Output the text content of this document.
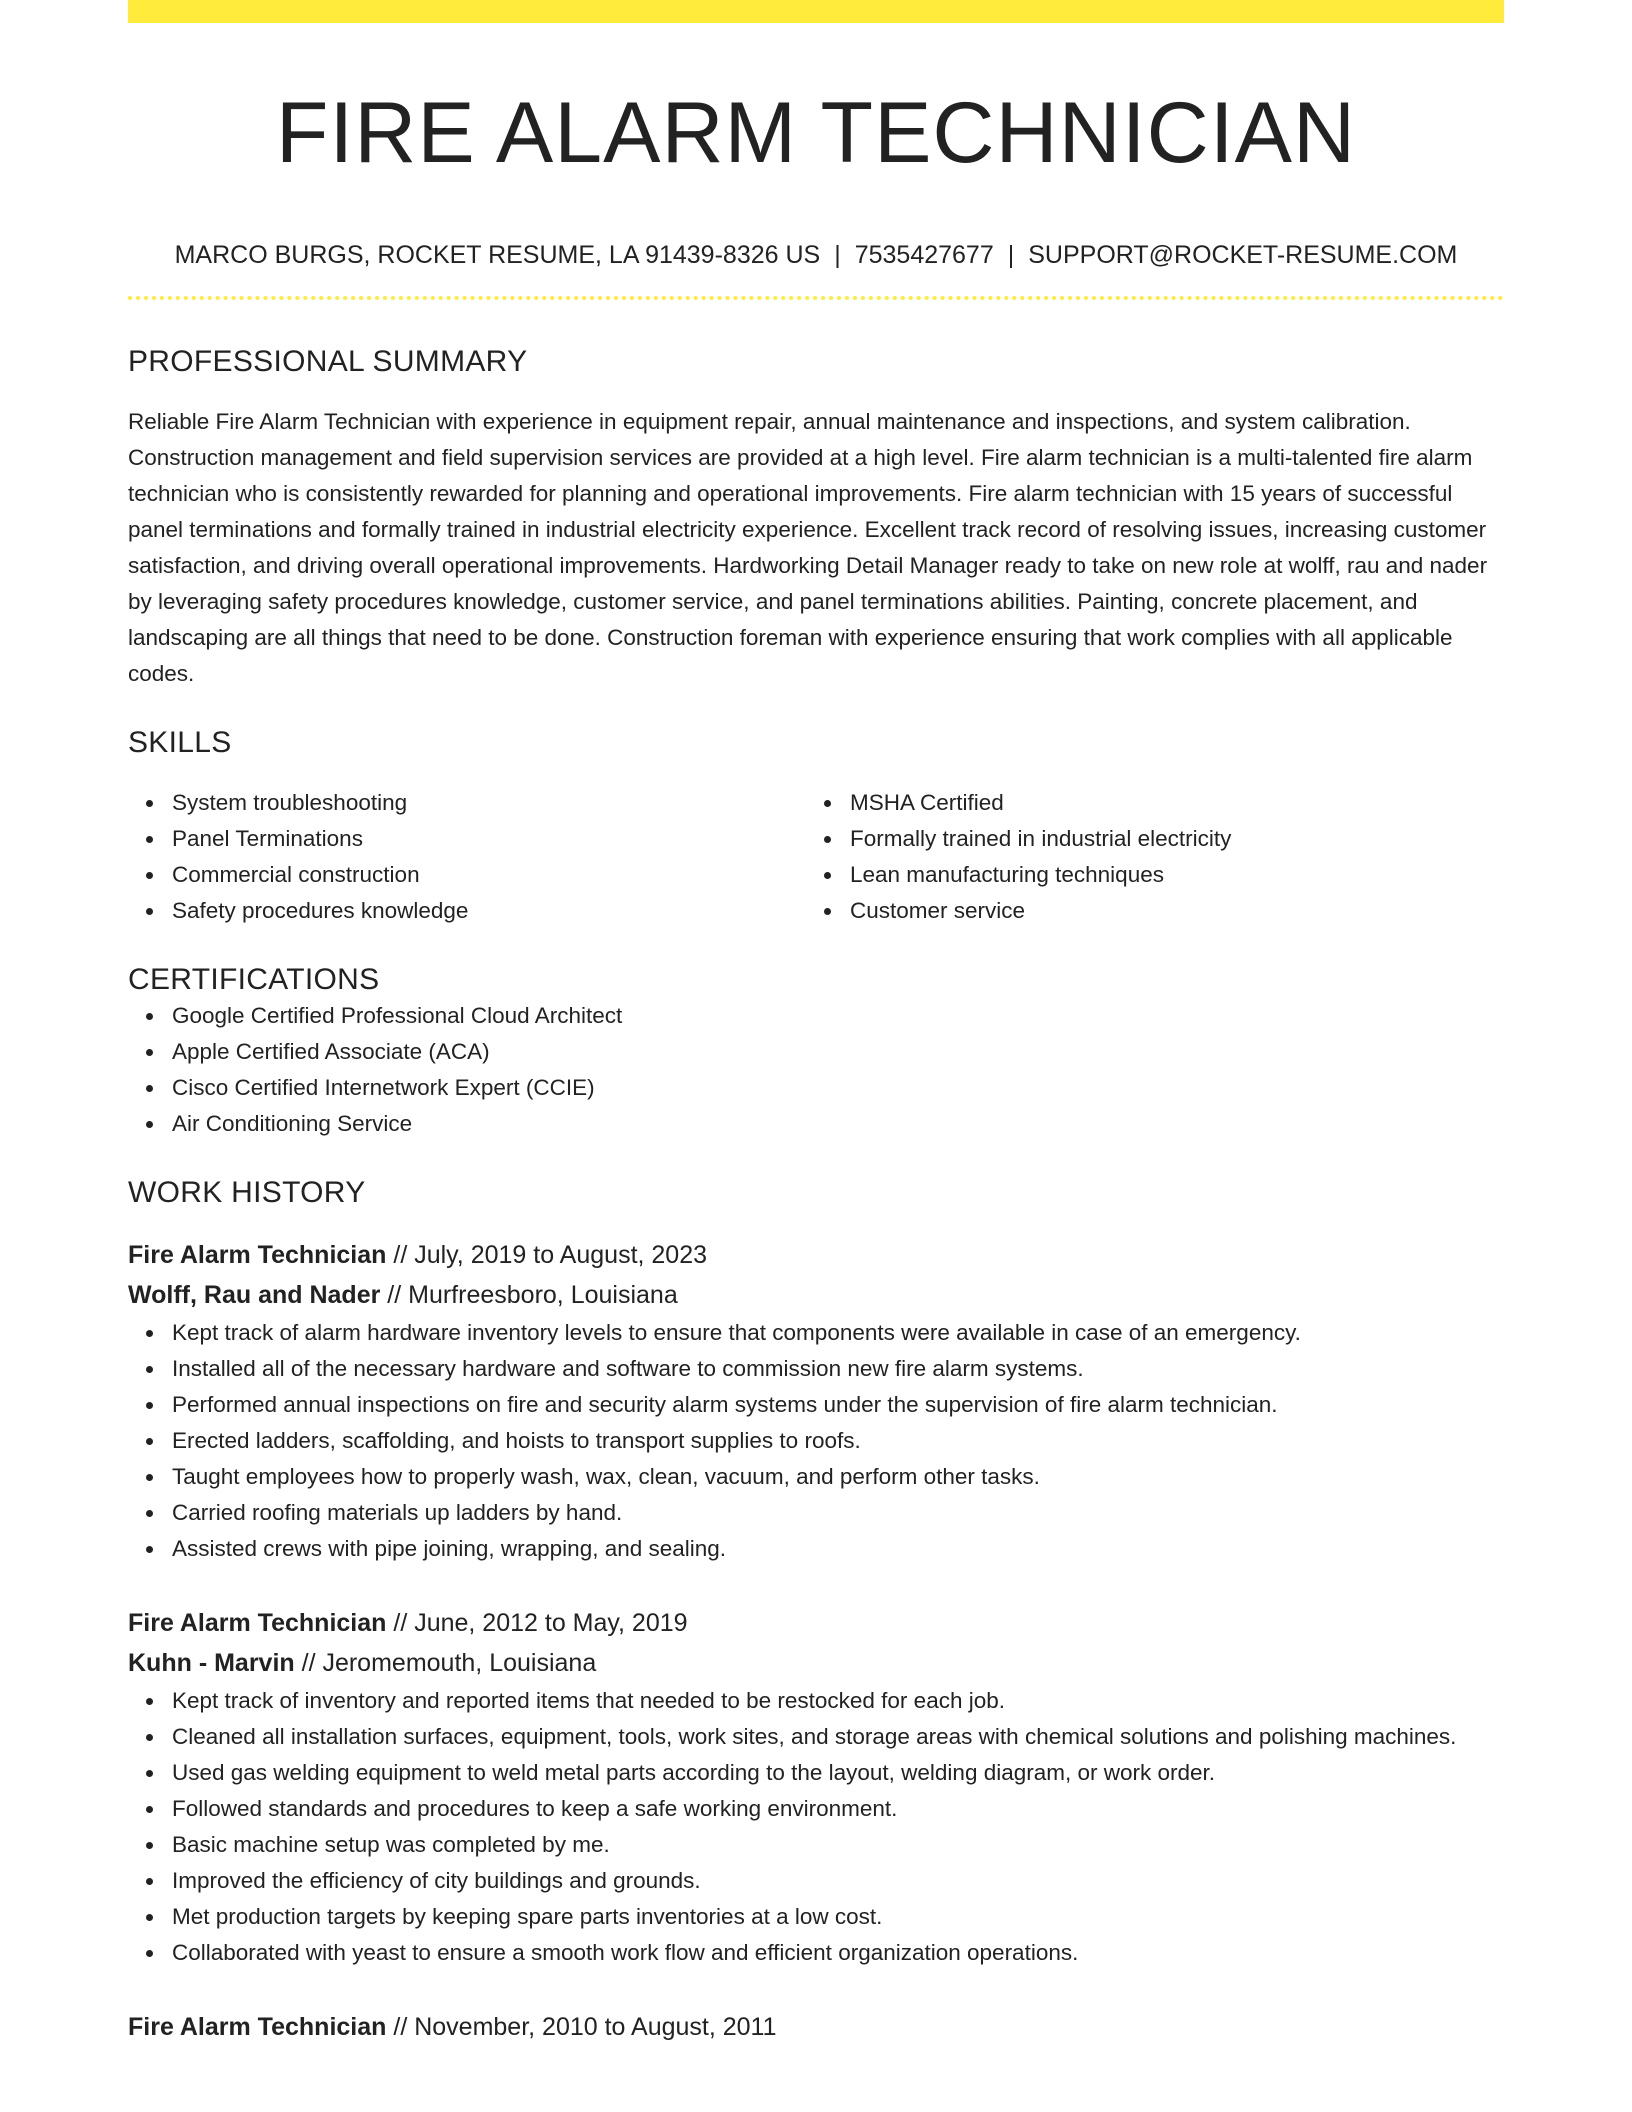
FIRE ALARM TECHNICIAN
MARCO BURGS, ROCKET RESUME, LA 91439-8326 US | 7535427677 | SUPPORT@ROCKET-RESUME.COM
PROFESSIONAL SUMMARY

Reliable Fire Alarm Technician with experience in equipment repair, annual maintenance and inspections, and system calibration. Construction management and field supervision services are provided at a high level. Fire alarm technician is a multi-talented fire alarm technician who is consistently rewarded for planning and operational improvements. Fire alarm technician with 15 years of successful panel terminations and formally trained in industrial electricity experience. Excellent track record of resolving issues, increasing customer satisfaction, and driving overall operational improvements. Hardworking Detail Manager ready to take on new role at wolff, rau and nader by leveraging safety procedures knowledge, customer service, and panel terminations abilities. Painting, concrete placement, and landscaping are all things that need to be done. Construction foreman with experience ensuring that work complies with all applicable codes.

SKILLS
System troubleshooting
Panel Terminations
Commercial construction
Safety procedures knowledge
MSHA Certified
Formally trained in industrial electricity
Lean manufacturing techniques
Customer service
CERTIFICATIONS
Google Certified Professional Cloud Architect
Apple Certified Associate (ACA)
Cisco Certified Internetwork Expert (CCIE)
Air Conditioning Service
WORK HISTORY
Fire Alarm Technician // July, 2019 to August, 2023
Wolff, Rau and Nader // Murfreesboro, Louisiana
Kept track of alarm hardware inventory levels to ensure that components were available in case of an emergency.
Installed all of the necessary hardware and software to commission new fire alarm systems.
Performed annual inspections on fire and security alarm systems under the supervision of fire alarm technician.
Erected ladders, scaffolding, and hoists to transport supplies to roofs.
Taught employees how to properly wash, wax, clean, vacuum, and perform other tasks.
Carried roofing materials up ladders by hand.
Assisted crews with pipe joining, wrapping, and sealing.
Fire Alarm Technician // June, 2012 to May, 2019
Kuhn - Marvin // Jeromemouth, Louisiana
Kept track of inventory and reported items that needed to be restocked for each job.
Cleaned all installation surfaces, equipment, tools, work sites, and storage areas with chemical solutions and polishing machines.
Used gas welding equipment to weld metal parts according to the layout, welding diagram, or work order.
Followed standards and procedures to keep a safe working environment.
Basic machine setup was completed by me.
Improved the efficiency of city buildings and grounds.
Met production targets by keeping spare parts inventories at a low cost.
Collaborated with yeast to ensure a smooth work flow and efficient organization operations.
Fire Alarm Technician // November, 2010 to August, 2011
